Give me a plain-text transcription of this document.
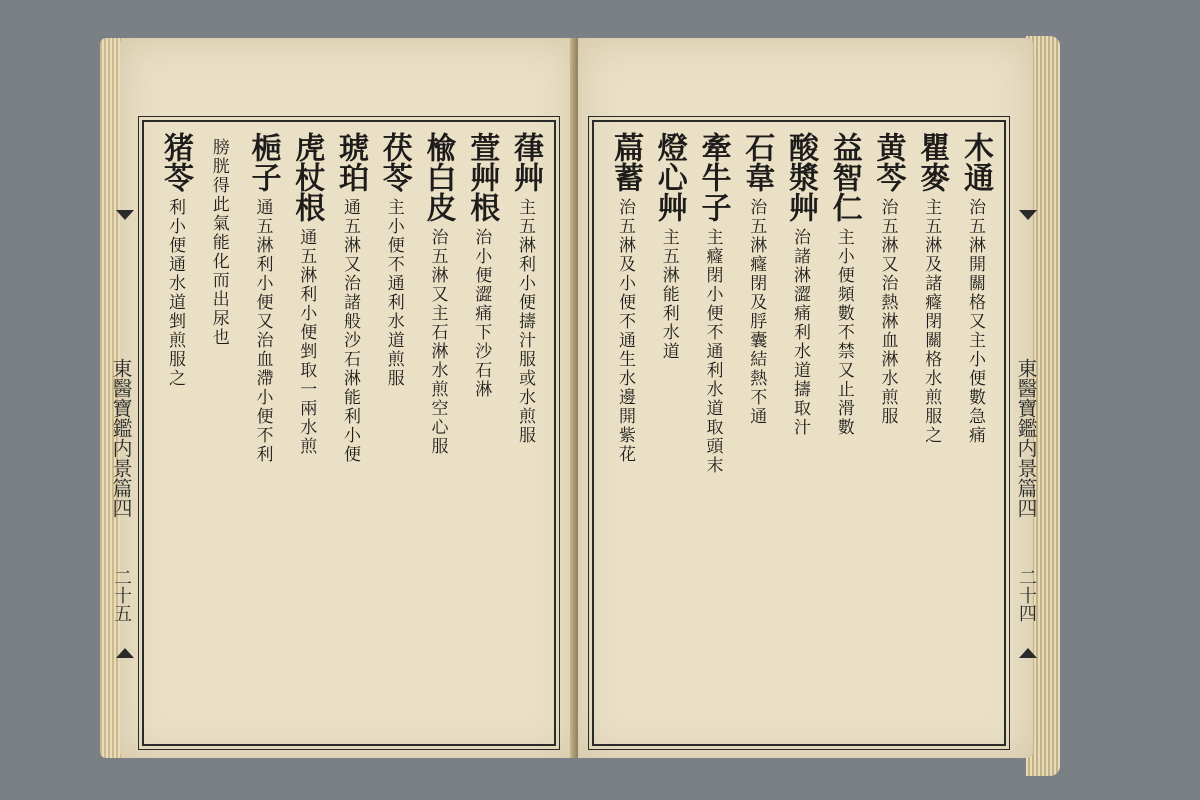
東醫寶鑑内景篇四
二十五
葎艸主五淋利小便擣汁服或水煎服
萱艸根治小便澀痛下沙石淋
楡白皮治五淋又主石淋水煎空心服
茯苓主小便不通利水道煎服
琥珀通五淋又治諸般沙石淋能利小便
虎杖根通五淋利小便剉取一兩水煎
梔子通五淋利小便又治血滯小便不利
膀胱得此氣能化而出尿也
猪苓利小便通水道剉煎服之
東醫寶鑑内景篇四
二十四
木通治五淋開關格又主小便數急痛
瞿麥主五淋及諸癃閉關格水煎服之
黄芩治五淋又治熱淋血淋水煎服
益智仁主小便頻數不禁又止滑數
酸漿艸治諸淋澀痛利水道擣取汁
石韋治五淋癃閉及脬囊結熱不通
牽牛子主癃閉小便不通利水道取頭末
燈心艸主五淋能利水道
萹蓄治五淋及小便不通生水邊開紫花
